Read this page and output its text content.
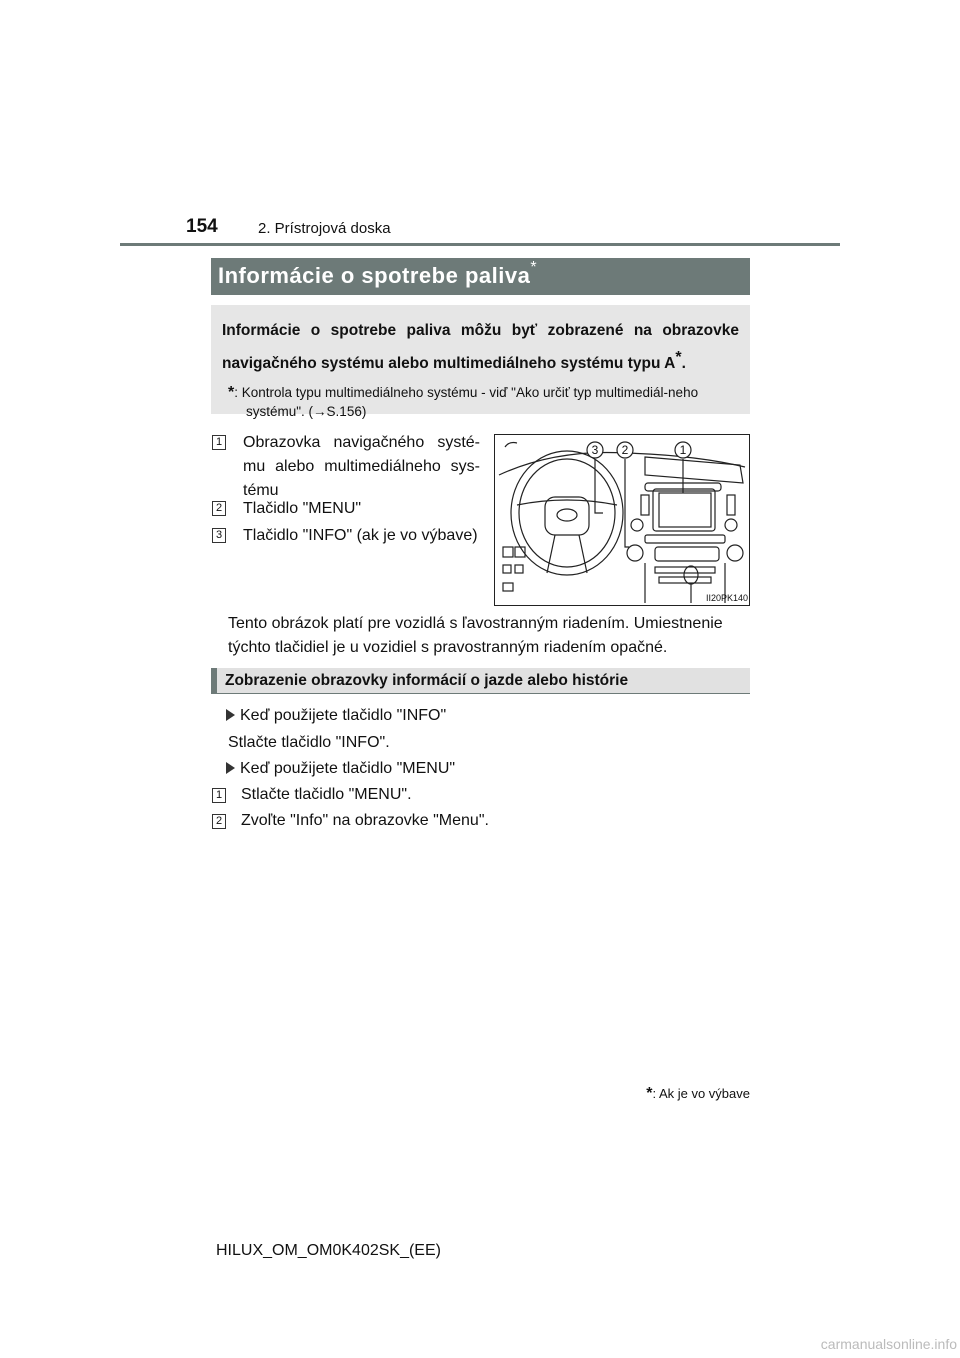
154	2. Prístrojová doska
Informácie o spotrebe paliva*

Informácie o spotrebe paliva môžu byť zobrazené na obrazovke navigačného systému alebo multimediálneho systému typu A*.

*: Kontrola typu multimediálneho systému - viď "Ako určiť typ multimediál-neho systému". (→S.156)

1	Obrazovka navigačného systé-mu alebo multimediálneho sys-tému
2	Tlačidlo "MENU"
3	Tlačidlo "INFO" (ak je vo výbave)
3 2	1
II20PK140
Tento obrázok platí pre vozidlá s ľavostranným riadením. Umiestnenie týchto tlačidiel je u vozidiel s pravostranným riadením opačné.
Zobrazenie obrazovky informácií o jazde alebo histórie
Keď použijete tlačidlo "INFO"
Stlačte tlačidlo "INFO".
Keď použijete tlačidlo "MENU"
1 Stlačte tlačidlo "MENU".
2 Zvoľte "Info" na obrazovke "Menu".
*: Ak je vo výbave
HILUX_OM_OM0K402SK_(EE)
carmanualsonline.info
